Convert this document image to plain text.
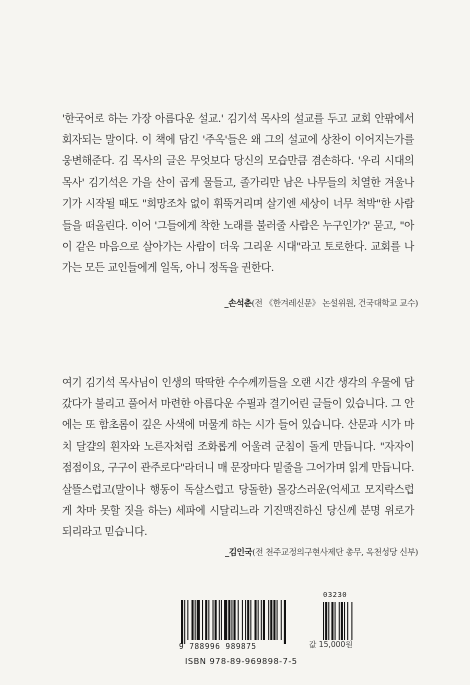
'한국어로 하는 가장 아름다운 설교.' 김기석 목사의 설교를 두고 교회 안팎에서 회자되는 말이다. 이 책에 담긴 '주옥'들은 왜 그의 설교에 상찬이 이어지는가를 웅변해준다. 김 목사의 글은 무엇보다 당신의 모습만큼 겸손하다. '우리 시대의 목사' 김기석은 가을 산이 곱게 물들고, 졸가리만 남은 나무들의 치열한 겨울나기가 시작될 때도 "희망조차 없이 휘뚝거리며 살기엔 세상이 너무 척박"한 사람들을 떠올린다. 이어 '그들에게 착한 노래를 불러줄 사람은 누구인가?' 묻고, "아이 같은 마음으로 살아가는 사람이 더욱 그리운 시대"라고 토로한다. 교회를 나가는 모든 교인들에게 일독, 아니 정독을 권한다.

_손석춘(전 《한겨레신문》 논설위원, 건국대학교 교수)

여기 김기석 목사님이 인생의 딱딱한 수수께끼들을 오랜 시간 생각의 우물에 담갔다가 불리고 풀어서 마련한 아름다운 수필과 결기어린 글들이 있습니다. 그 안에는 또 함초롬이 깊은 사색에 머물게 하는 시가 들어 있습니다. 산문과 시가 마치 달걀의 흰자와 노른자처럼 조화롭게 어울려 군침이 돌게 만듭니다. "자자이 점점이요, 구구이 관주로다"라더니 매 문장마다 밑줄을 그어가며 읽게 만듭니다. 살뜰스럽고(말이나 행동이 독살스럽고 당돌한) 몰강스러운(억세고 모지락스럽게 차마 못할 짓을 하는) 세파에 시달리느라 기진맥진하신 당신께 분명 위로가 되리라고 믿습니다.

_김인국(전 천주교정의구현사제단 총무, 옥천성당 신부)
03230
9 788996 989875
ISBN 978-89-969898-7-5
값 15,000원
